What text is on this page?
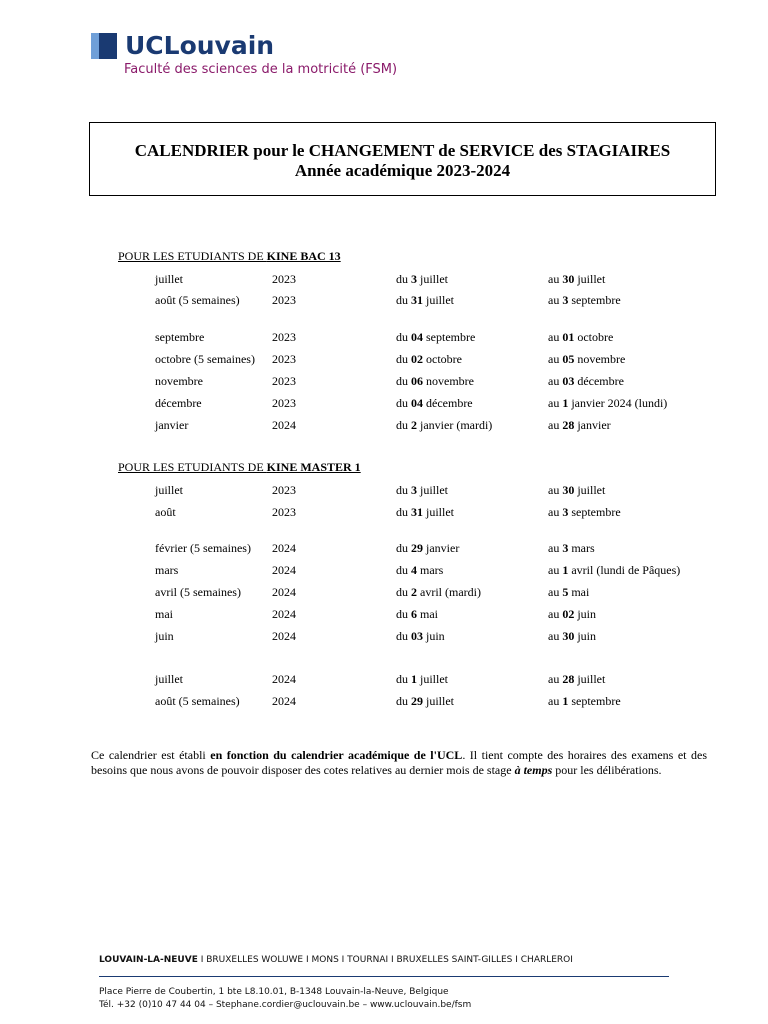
UCLouvain
Faculté des sciences de la motricité (FSM)
CALENDRIER pour le CHANGEMENT de SERVICE des STAGIAIRES
Année académique 2023-2024
POUR LES ETUDIANTS DE KINE BAC 13
juillet	2023	du 3 juillet	au 30 juillet
août (5 semaines)	2023	du 31 juillet	au 3 septembre
septembre	2023	du 04 septembre	au 01 octobre
octobre (5 semaines) 2023	du 02 octobre	au 05 novembre
novembre	2023	du 06 novembre	au 03 décembre
décembre	2023	du 04 décembre	au 1 janvier 2024 (lundi)
janvier	2024	du 2 janvier (mardi)	au 28 janvier
POUR LES ETUDIANTS DE KINE MASTER 1
juillet	2023	du 3 juillet	au 30 juillet
août	2023	du 31 juillet	au 3 septembre
février (5 semaines) 2024	du 29 janvier	au 3 mars
mars	2024	du 4 mars	au 1 avril (lundi de Pâques)
avril (5 semaines)	2024	du 2 avril (mardi)	au 5 mai
mai	2024	du 6 mai	au 02 juin
juin	2024	du 03 juin	au 30 juin
juillet	2024	du 1 juillet	au 28 juillet
août (5 semaines)	2024	du 29 juillet	au 1 septembre
Ce calendrier est établi en fonction du calendrier académique de l'UCL. Il tient compte des horaires des examens et des besoins que nous avons de pouvoir disposer des cotes relatives au dernier mois de stage à temps pour les délibérations.
LOUVAIN-LA-NEUVE I BRUXELLES WOLUWE I MONS I TOURNAI I BRUXELLES SAINT-GILLES I CHARLEROI
Place Pierre de Coubertin, 1 bte L8.10.01, B-1348 Louvain-la-Neuve, Belgique
Tél. +32 (0)10 47 44 04 – Stephane.cordier@uclouvain.be – www.uclouvain.be/fsm
